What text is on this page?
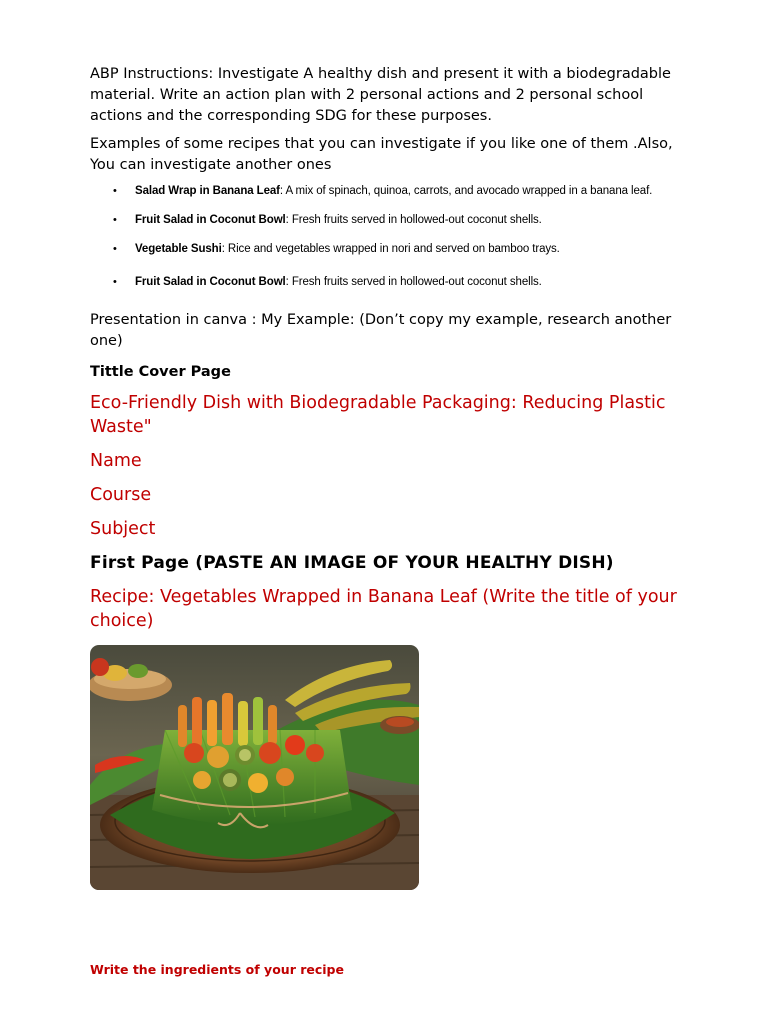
ABP Instructions: Investigate A healthy dish and present it with a biodegradable material. Write an action plan with 2 personal actions and 2 personal school actions and the corresponding SDG for these purposes.

Examples of some recipes that you can investigate if you like one of them .Also, You can investigate another ones

• Salad Wrap in Banana Leaf: A mix of spinach, quinoa, carrots, and avocado wrapped in a banana leaf.
• Fruit Salad in Coconut Bowl: Fresh fruits served in hollowed-out coconut shells.
• Vegetable Sushi: Rice and vegetables wrapped in nori and served on bamboo trays.
• Fruit Salad in Coconut Bowl: Fresh fruits served in hollowed-out coconut shells.

Presentation in canva : My Example: (Don’t copy my example, research another one)

Tittle Cover Page

Eco-Friendly Dish with Biodegradable Packaging: Reducing Plastic Waste"

Name

Course

Subject

First Page (PASTE AN IMAGE OF YOUR HEALTHY DISH)

Recipe: Vegetables Wrapped in Banana Leaf (Write the title of your choice)

Write the ingredients of your recipe
